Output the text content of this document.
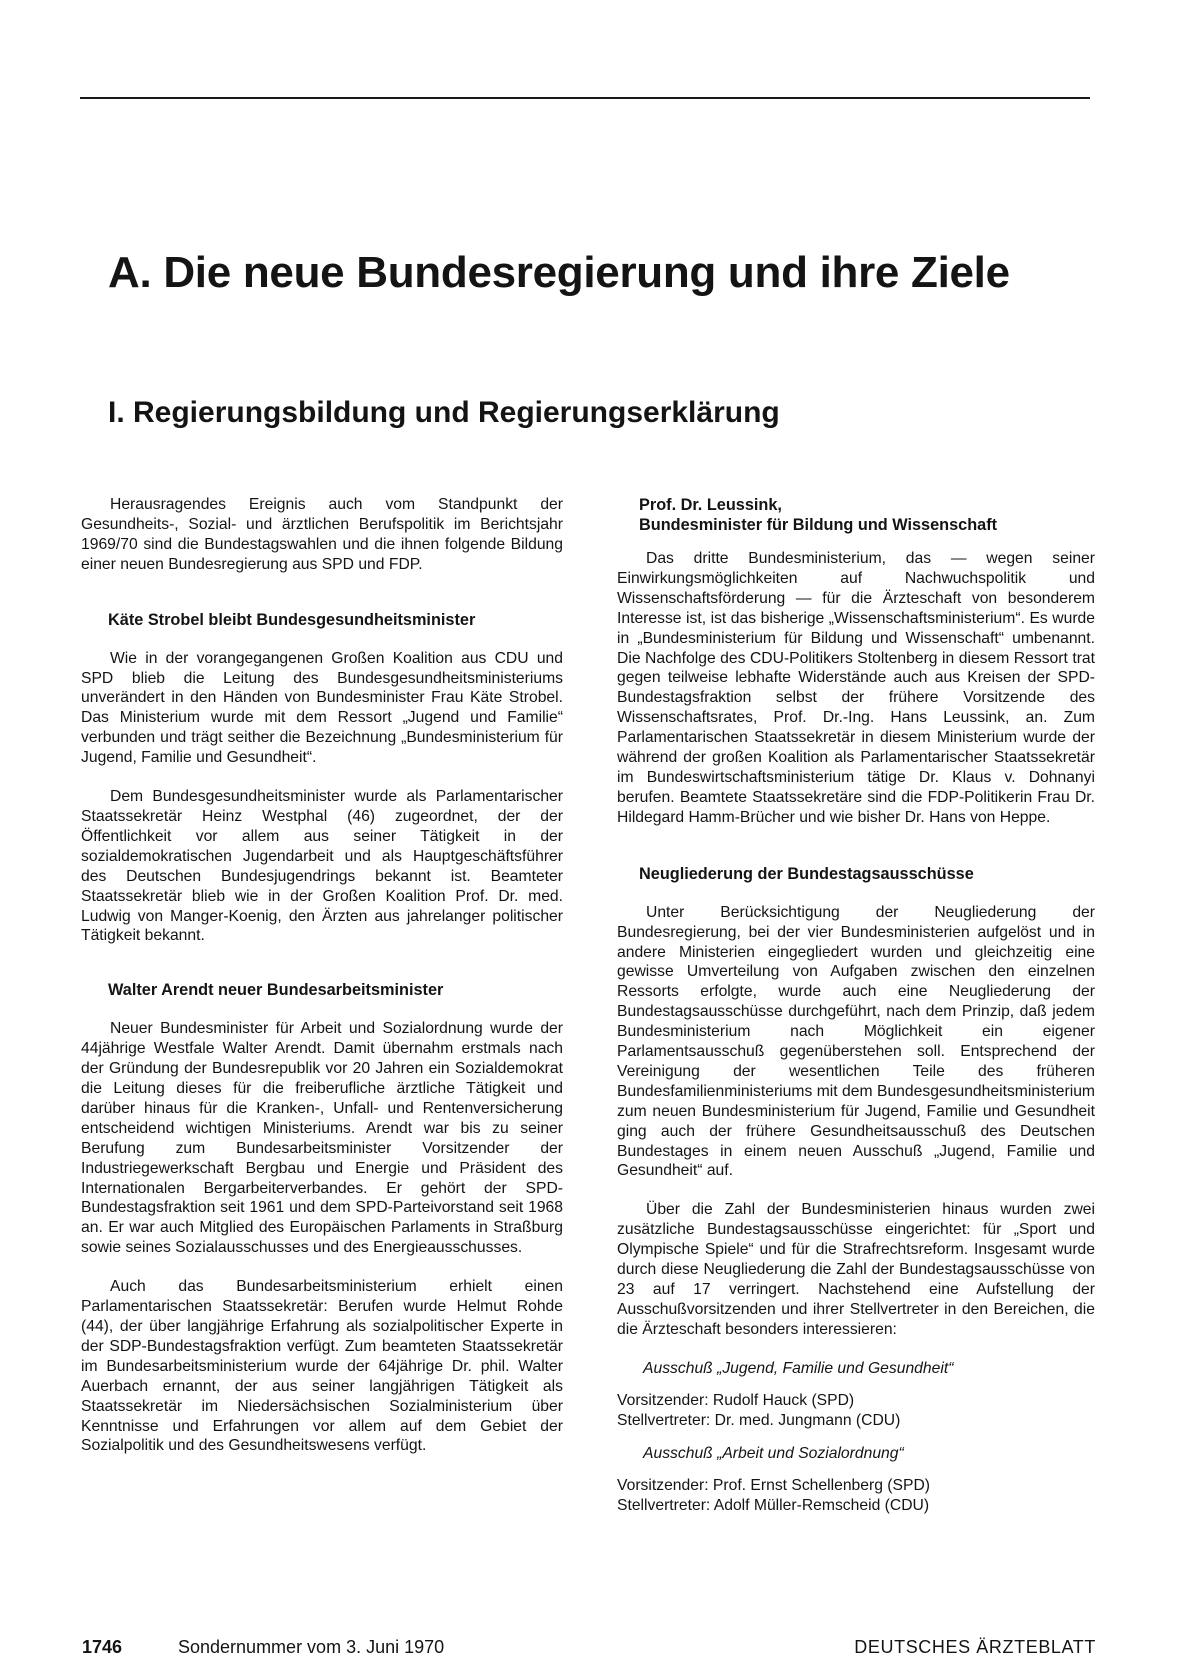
A. Die neue Bundesregierung und ihre Ziele
I. Regierungsbildung und Regierungserklärung

Herausragendes Ereignis auch vom Standpunkt der Gesundheits-, Sozial- und ärztlichen Berufspolitik im Berichtsjahr 1969/70 sind die Bundestagswahlen und die ihnen folgende Bildung einer neuen Bundesregierung aus SPD und FDP.

Käte Strobel bleibt Bundesgesundheitsminister

Wie in der vorangegangenen Großen Koalition aus CDU und SPD blieb die Leitung des Bundesgesundheitsministeriums unverändert in den Händen von Bundesminister Frau Käte Strobel. Das Ministerium wurde mit dem Ressort „Jugend und Familie“ verbunden und trägt seither die Bezeichnung „Bundesministerium für Jugend, Familie und Gesundheit“.

Dem Bundesgesundheitsminister wurde als Parlamentarischer Staatssekretär Heinz Westphal (46) zugeordnet, der der Öffentlichkeit vor allem aus seiner Tätigkeit in der sozialdemokratischen Jugendarbeit und als Hauptgeschäftsführer des Deutschen Bundesjugendrings bekannt ist. Beamteter Staatssekretär blieb wie in der Großen Koalition Prof. Dr. med. Ludwig von Manger-Koenig, den Ärzten aus jahrelanger politischer Tätigkeit bekannt.

Walter Arendt neuer Bundesarbeitsminister

Neuer Bundesminister für Arbeit und Sozialordnung wurde der 44jährige Westfale Walter Arendt. Damit übernahm erstmals nach der Gründung der Bundesrepublik vor 20 Jahren ein Sozialdemokrat die Leitung dieses für die freiberufliche ärztliche Tätigkeit und darüber hinaus für die Kranken-, Unfall- und Rentenversicherung entscheidend wichtigen Ministeriums. Arendt war bis zu seiner Berufung zum Bundesarbeitsminister Vorsitzender der Industriegewerkschaft Bergbau und Energie und Präsident des Internationalen Bergarbeiterverbandes. Er gehört der SPD-Bundestagsfraktion seit 1961 und dem SPD-Parteivorstand seit 1968 an. Er war auch Mitglied des Europäischen Parlaments in Straßburg sowie seines Sozialausschusses und des Energieausschusses.

Auch das Bundesarbeitsministerium erhielt einen Parlamentarischen Staatssekretär: Berufen wurde Helmut Rohde (44), der über langjährige Erfahrung als sozialpolitischer Experte in der SDP-Bundestagsfraktion verfügt. Zum beamteten Staatssekretär im Bundesarbeitsministerium wurde der 64jährige Dr. phil. Walter Auerbach ernannt, der aus seiner langjährigen Tätigkeit als Staatssekretär im Niedersächsischen Sozialministerium über Kenntnisse und Erfahrungen vor allem auf dem Gebiet der Sozialpolitik und des Gesundheitswesens verfügt.

Prof. Dr. Leussink,
Bundesminister für Bildung und Wissenschaft

Das dritte Bundesministerium, das — wegen seiner Einwirkungsmöglichkeiten auf Nachwuchspolitik und Wissenschaftsförderung — für die Ärzteschaft von besonderem Interesse ist, ist das bisherige „Wissenschaftsministerium“. Es wurde in „Bundesministerium für Bildung und Wissenschaft“ umbenannt. Die Nachfolge des CDU-Politikers Stoltenberg in diesem Ressort trat gegen teilweise lebhafte Widerstände auch aus Kreisen der SPD-Bundestagsfraktion selbst der frühere Vorsitzende des Wissenschaftsrates, Prof. Dr.-Ing. Hans Leussink, an. Zum Parlamentarischen Staatssekretär in diesem Ministerium wurde der während der großen Koalition als Parlamentarischer Staatssekretär im Bundeswirtschaftsministerium tätige Dr. Klaus v. Dohnanyi berufen. Beamtete Staatssekretäre sind die FDP-Politikerin Frau Dr. Hildegard Hamm-Brücher und wie bisher Dr. Hans von Heppe.

Neugliederung der Bundestagsausschüsse

Unter Berücksichtigung der Neugliederung der Bundesregierung, bei der vier Bundesministerien aufgelöst und in andere Ministerien eingegliedert wurden und gleichzeitig eine gewisse Umverteilung von Aufgaben zwischen den einzelnen Ressorts erfolgte, wurde auch eine Neugliederung der Bundestagsausschüsse durchgeführt, nach dem Prinzip, daß jedem Bundesministerium nach Möglichkeit ein eigener Parlamentsausschuß gegenüberstehen soll. Entsprechend der Vereinigung der wesentlichen Teile des früheren Bundesfamilienministeriums mit dem Bundesgesundheitsministerium zum neuen Bundesministerium für Jugend, Familie und Gesundheit ging auch der frühere Gesundheitsausschuß des Deutschen Bundestages in einem neuen Ausschuß „Jugend, Familie und Gesundheit“ auf.

Über die Zahl der Bundesministerien hinaus wurden zwei zusätzliche Bundestagsausschüsse eingerichtet: für „Sport und Olympische Spiele“ und für die Strafrechtsreform. Insgesamt wurde durch diese Neugliederung die Zahl der Bundestagsausschüsse von 23 auf 17 verringert. Nachstehend eine Aufstellung der Ausschußvorsitzenden und ihrer Stellvertreter in den Bereichen, die die Ärzteschaft besonders interessieren:

Ausschuß „Jugend, Familie und Gesundheit“
Vorsitzender: Rudolf Hauck (SPD)
Stellvertreter: Dr. med. Jungmann (CDU)
Ausschuß „Arbeit und Sozialordnung“
Vorsitzender: Prof. Ernst Schellenberg (SPD)
Stellvertreter: Adolf Müller-Remscheid (CDU)
1746	Sondernummer vom 3. Juni 1970	DEUTSCHES ÄRZTEBLATT
